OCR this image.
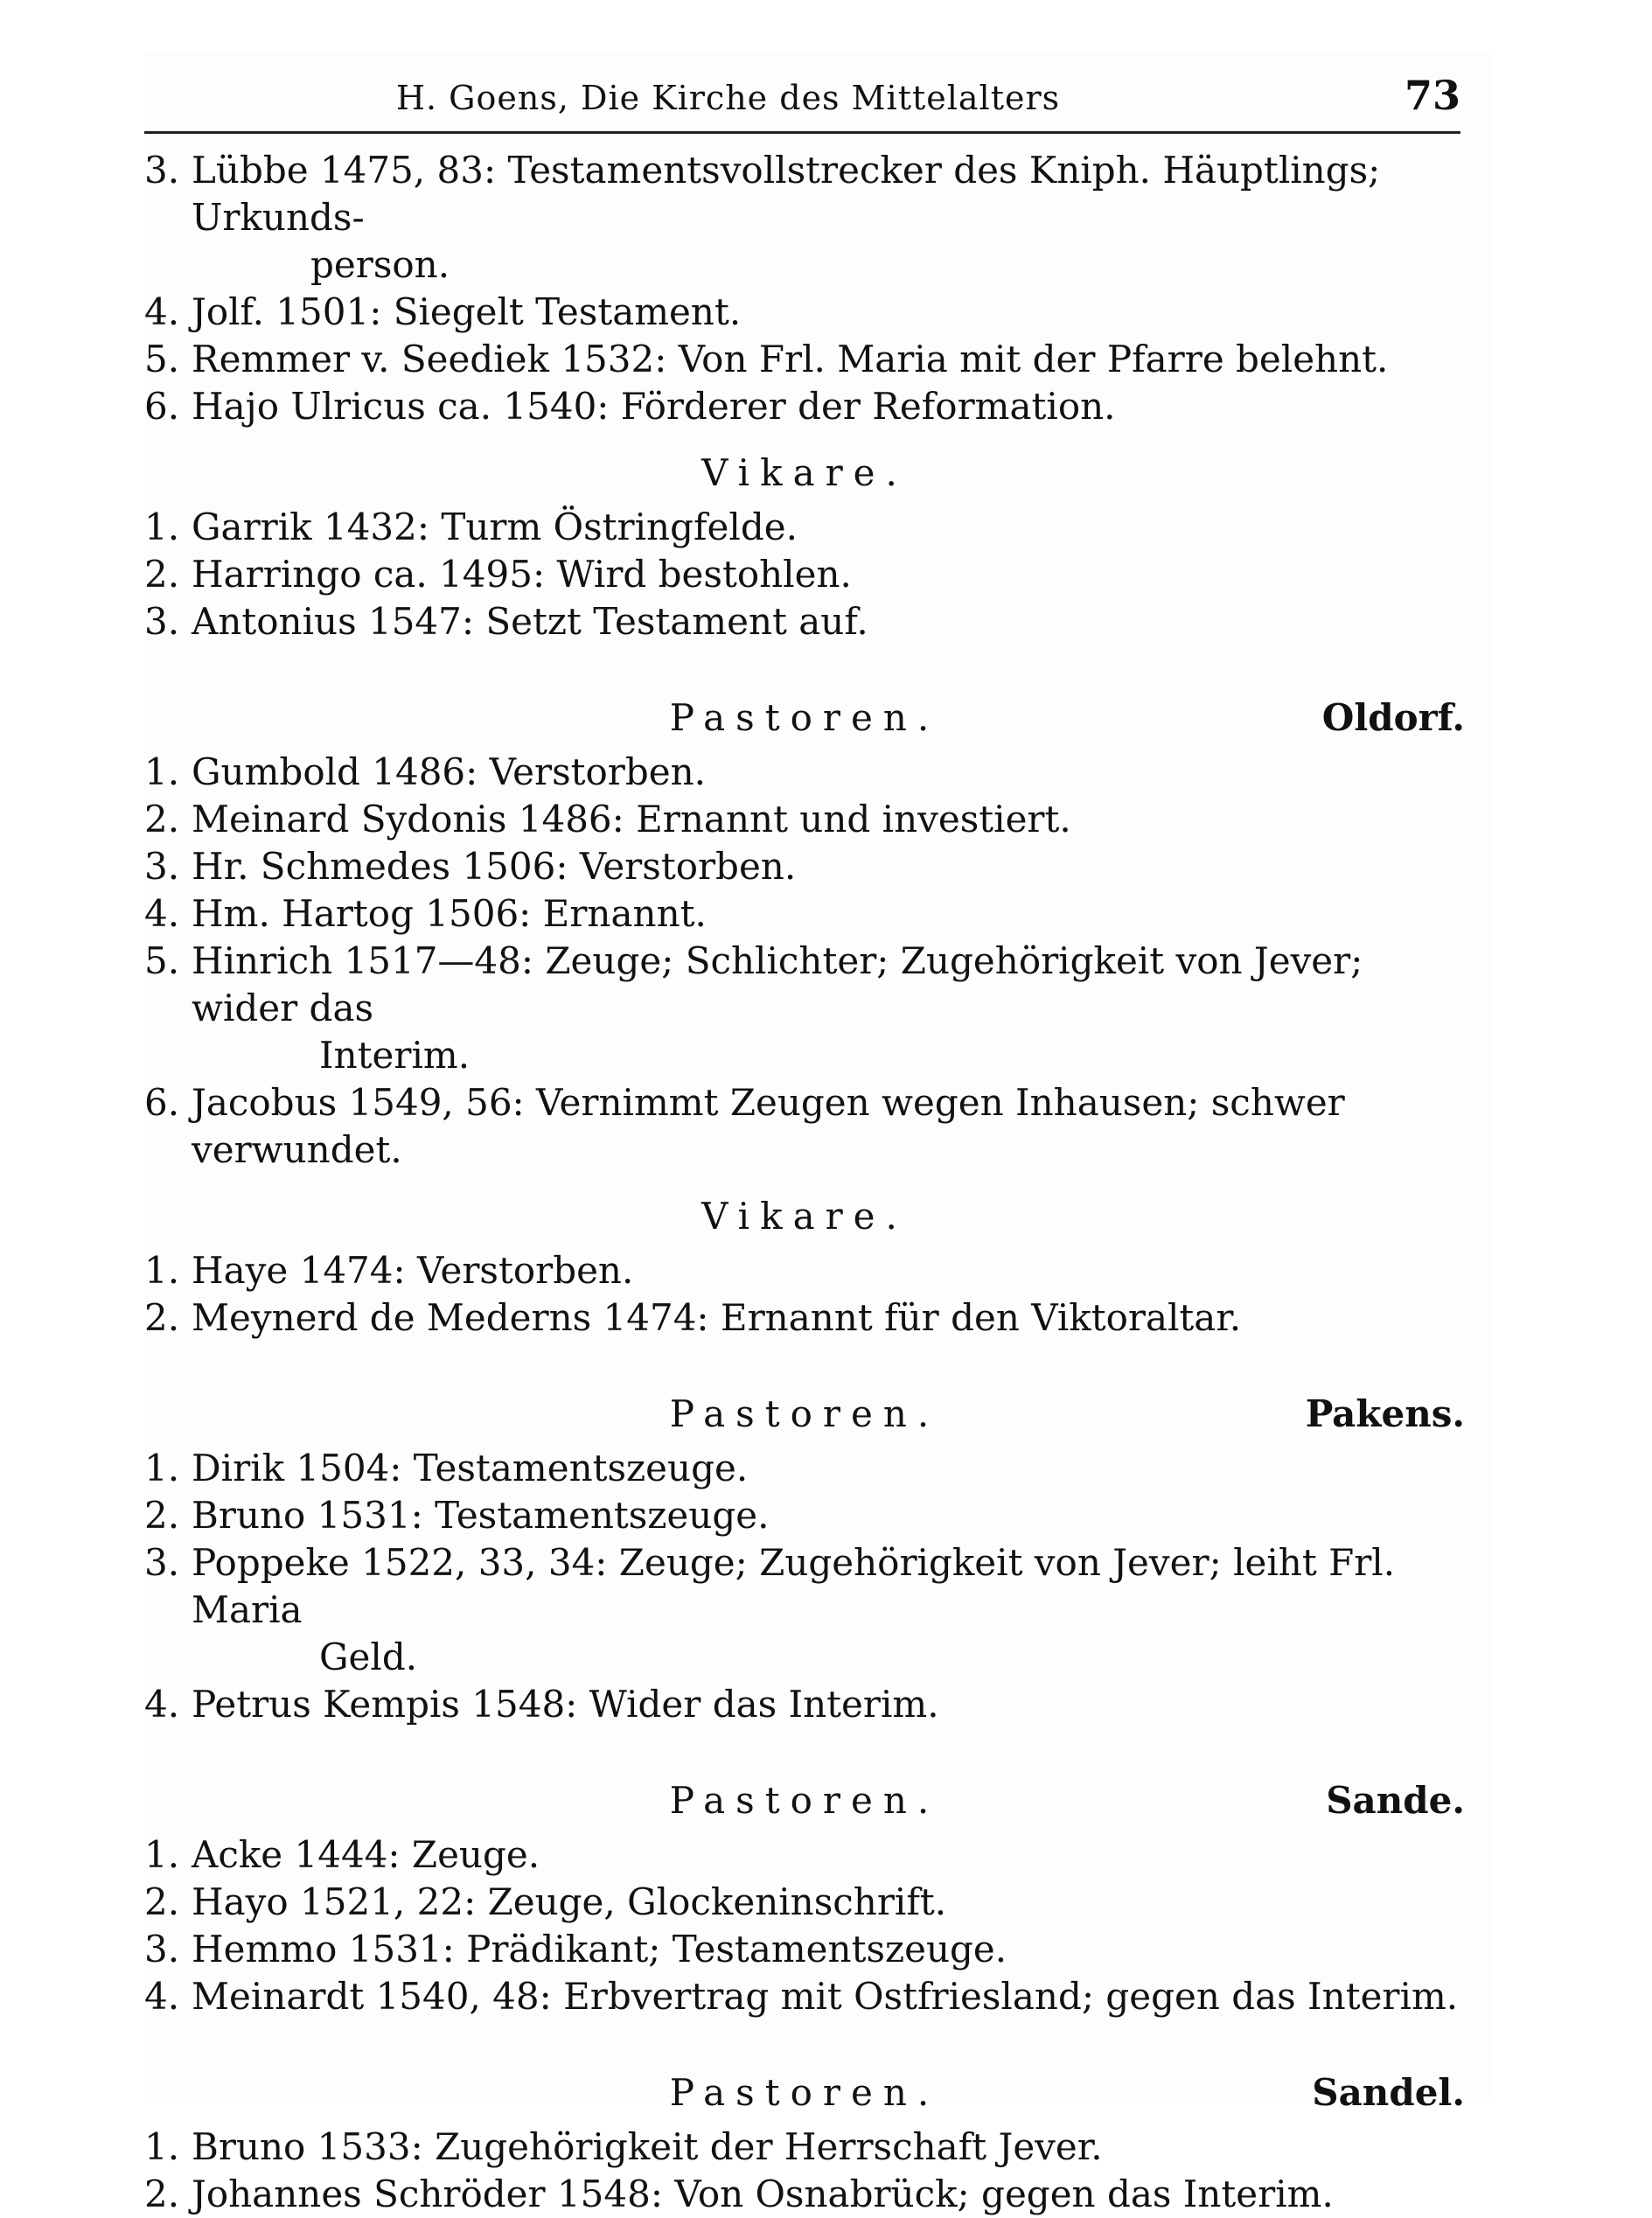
H. Goens, Die Kirche des Mittelalters	73
3. Lübbe 1475, 83: Testamentsvollstrecker des Kniph. Häuptlings; Urkunds-
person.
4. Jolf. 1501: Siegelt Testament.
5. Remmer v. Seediek 1532: Von Frl. Maria mit der Pfarre belehnt.
6. Hajo Ulricus ca. 1540: Förderer der Reformation.
Vikare.
1. Garrik 1432: Turm Östringfelde.
2. Harringo ca. 1495: Wird bestohlen.
3. Antonius 1547: Setzt Testament auf.
Pastoren.	Oldorf.
1. Gumbold 1486: Verstorben.
2. Meinard Sydonis 1486: Ernannt und investiert.
3. Hr. Schmedes 1506: Verstorben.
4. Hm. Hartog 1506: Ernannt.
5. Hinrich 1517—48: Zeuge; Schlichter; Zugehörigkeit von Jever; wider das
Interim.
6. Jacobus 1549, 56: Vernimmt Zeugen wegen Inhausen; schwer verwundet.
Vikare.
1. Haye 1474: Verstorben.
2. Meynerd de Mederns 1474: Ernannt für den Viktoraltar.
Pastoren.	Pakens.
1. Dirik 1504: Testamentszeuge.
2. Bruno 1531: Testamentszeuge.
3. Poppeke 1522, 33, 34: Zeuge; Zugehörigkeit von Jever; leiht Frl. Maria
Geld.
4. Petrus Kempis 1548: Wider das Interim.
Pastoren.	Sande.
1. Acke 1444: Zeuge.
2. Hayo 1521, 22: Zeuge, Glockeninschrift.
3. Hemmo 1531: Prädikant; Testamentszeuge.
4. Meinardt 1540, 48: Erbvertrag mit Ostfriesland; gegen das Interim.
Pastoren.	Sandel.
1. Bruno 1533: Zugehörigkeit der Herrschaft Jever.
2. Johannes Schröder 1548: Von Osnabrück; gegen das Interim.
